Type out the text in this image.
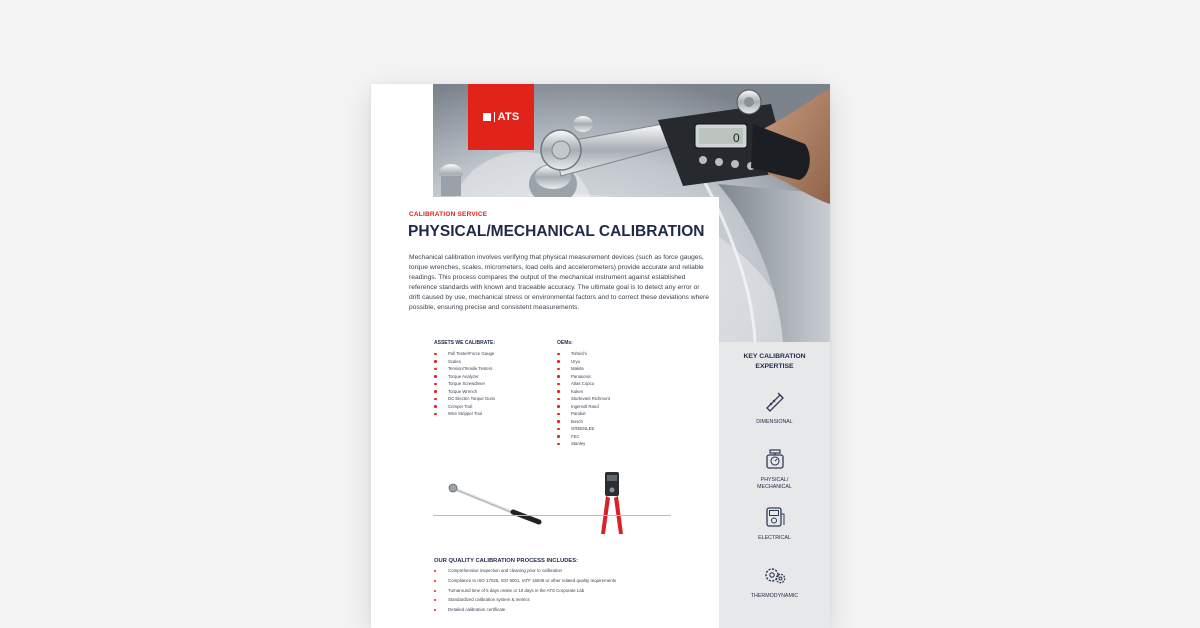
0
ATS
CALIBRATION SERVICE
PHYSICAL/MECHANICAL CALIBRATION

Mechanical calibration involves verifying that physical measurement devices (such as force gauges, torque wrenches, scales, micrometers, load cells and accelerometers) provide accurate and reliable readings. This process compares the output of the mechanical instrument against established reference standards with known and traceable accuracy. The ultimate goal is to detect any error or drift caused by use, mechanical stress or environmental factors and to correct these deviations where possible, ensuring precise and consistent measurements.

ASSETS WE CALIBRATE:
Pull Tester/Force Gauge
Scales
Tension/Tensile Testers
Torque Analyzer
Torque Screwdriver
Torque Wrench
DC Electric Torque Guns
Crimper Tool
Wire Stripper Tool
OEMs:
Tohnichi
Uryu
Makita
Panasonic
Atlas Copco
Kuken
Sturtevant Richmont
Ingersoll Rand
Panduit
Bosch
GREENLEE
FEC
Stanley
OUR QUALITY CALIBRATION PROCESS INCLUDES:
Comprehensive inspection and cleaning prior to calibration
Compliance to ISO 17025, ISO 9001, IATF 16949 or other related quality requirements
Turnaround time of 5 days onsite or 10 days in the ATS Corporate Lab
Standardized calibration system & metrics
Detailed calibration certificate
KEY CALIBRATION
EXPERTISE
DIMENSIONAL
PHYSICAL/
MECHANICAL
ELECTRICAL
THERMODYNAMIC
